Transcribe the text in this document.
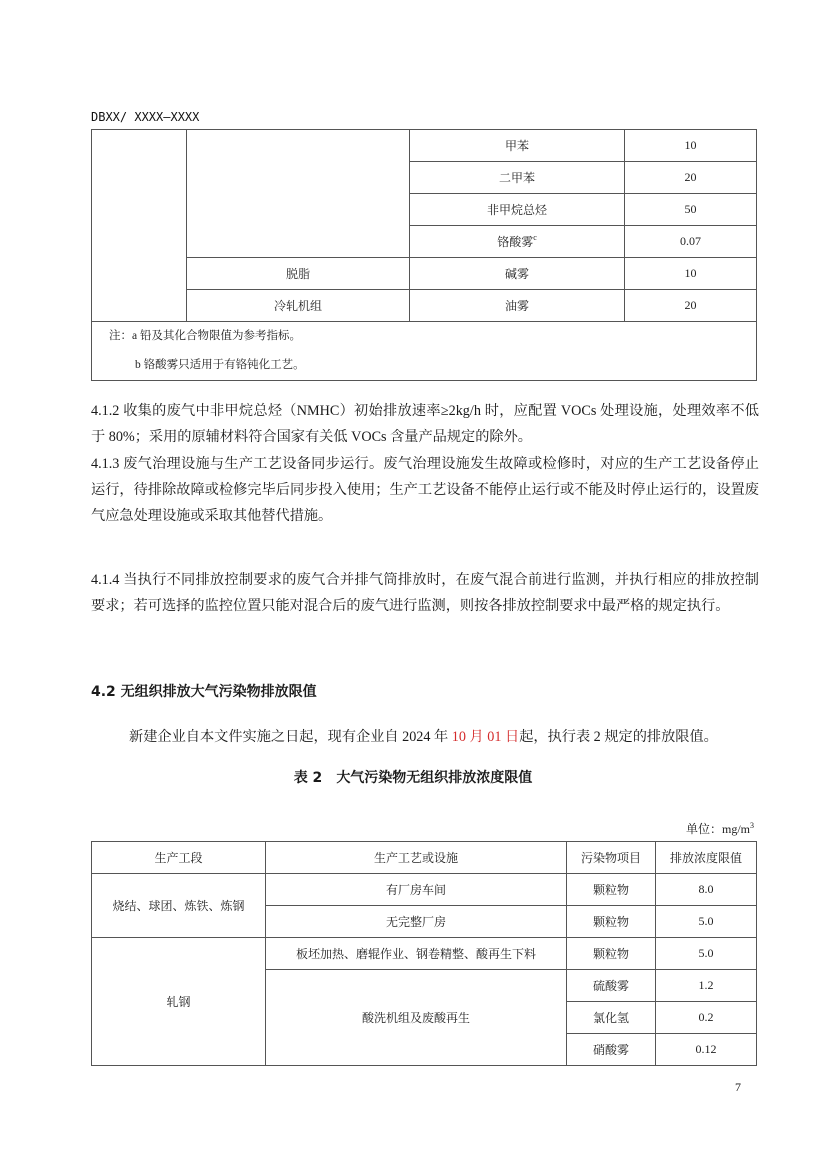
DBXX/ XXXX—XXXX
		甲苯	10
		二甲苯	20
		非甲烷总烃	50
		铬酸雾$^c$	0.07
	脱脂	碱雾	10
	冷轧机组	油雾	20

注：a 铅及其化合物限值为参考指标。
b 铬酸雾只适用于有铬钝化工艺。			
4.1.2 收集的废气中非甲烷总烃（NMHC）初始排放速率≥2kg/h 时，应配置 VOCs 处理设施，处理效率不低于 80%；采用的原辅材料符合国家有关低 VOCs 含量产品规定的除外。
4.1.3 废气治理设施与生产工艺设备同步运行。废气治理设施发生故障或检修时，对应的生产工艺设备停止运行，待排除故障或检修完毕后同步投入使用；生产工艺设备不能停止运行或不能及时停止运行的，设置废气应急处理设施或采取其他替代措施。
4.1.4 当执行不同排放控制要求的废气合并排气筒排放时，在废气混合前进行监测，并执行相应的排放控制要求；若可选择的监控位置只能对混合后的废气进行监测，则按各排放控制要求中最严格的规定执行。
4.2 无组织排放大气污染物排放限值
新建企业自本文件实施之日起，现有企业自 2024 年 10 月 01 日起，执行表 2 规定的排放限值。
表 2 大气污染物无组织排放浓度限值
单位：$mg/m^3$
生产工段	生产工艺或设施	污染物项目	排放浓度限值
烧结、球团、炼铁、炼钢	有厂房车间	颗粒物	8.0
	无完整厂房	颗粒物	5.0
轧钢	板坯加热、磨辊作业、钢卷精整、酸再生下料	颗粒物	5.0
	酸洗机组及废酸再生	硫酸雾	1.2
		氯化氢	0.2
		硝酸雾	0.12
7
